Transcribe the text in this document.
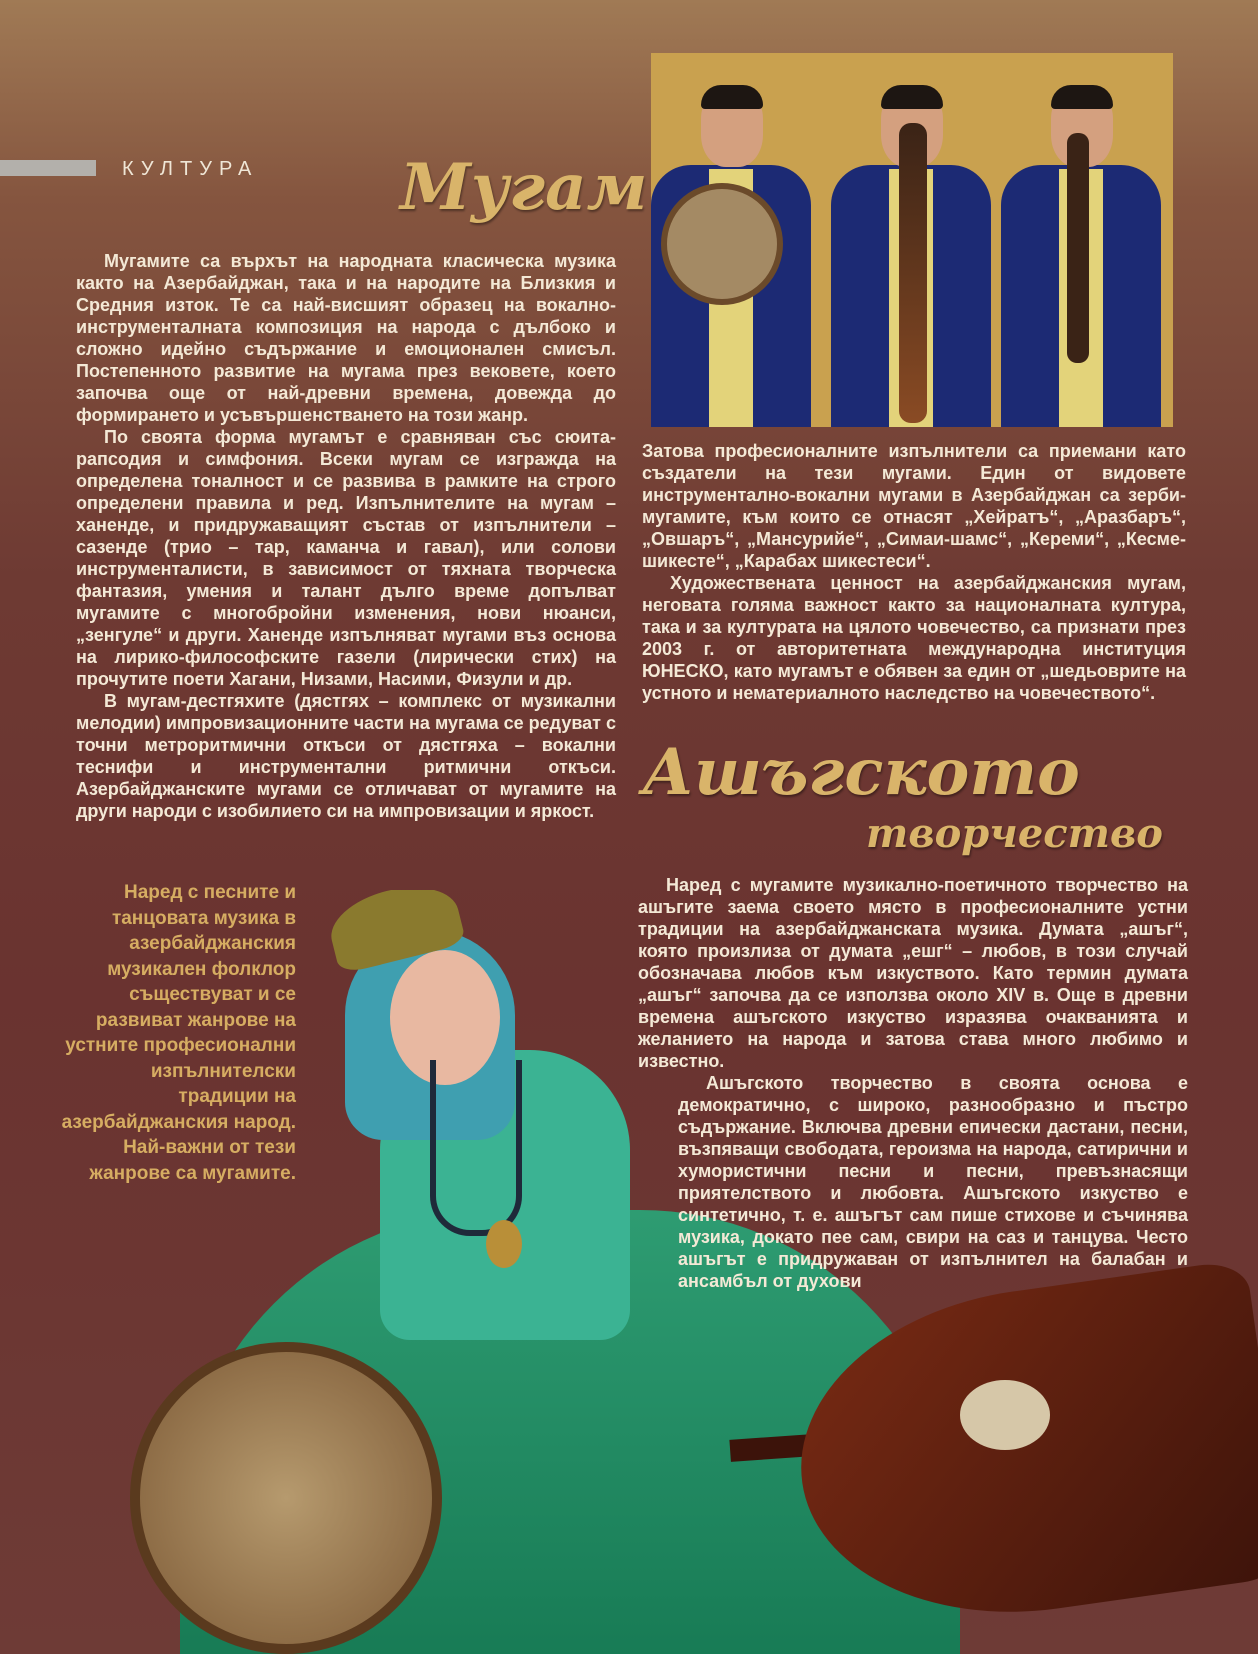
КУЛТУРА Мугам

Мугамите са върхът на народната класическа музика както на Азербайджан, така и на народите на Близкия и Средния изток. Те са най-висшият образец на вокално-инструменталната композиция на народа с дълбоко и сложно идейно съдържание и емоционален смисъл. Постепенното развитие на мугама през вековете, което започва още от най-древни времена, довежда до формирането и усъвършенстването на този жанр.

По своята форма мугамът е сравняван със сюита-рапсодия и симфония. Всеки мугам се изгражда на определена тоналност и се развива в рамките на строго определени правила и ред. Изпълнителите на мугам – ханенде, и придружаващият състав от изпълнители – сазенде (трио – тар, каманча и гавал), или солови инструменталисти, в зависимост от тяхната творческа фантазия, умения и талант дълго време допълват мугамите с многобройни изменения, нови нюанси, „зенгуле“ и други. Ханенде изпълняват мугами въз основа на лирико-философските газели (лирически стих) на прочутите поети Хагани, Низами, Насими, Физули и др.

В мугам-дестгяхите (дястгях – комплекс от музикални мелодии) импровизационните части на мугама се редуват с точни метроритмични откъси от дястгяха – вокални теснифи и инструментални ритмични откъси. Азербайджанските мугами се отличават от мугамите на други народи с изобилието си на импровизации и яркост.

Затова професионалните изпълнители са приемани като създатели на тези мугами. Един от видовете инструментално-вокални мугами в Азербайджан са зерби-мугамите, към които се отнасят „Хейратъ“, „Аразбаръ“, „Овшаръ“, „Мансурийе“, „Симаи-шамс“, „Кереми“, „Кесме-шикесте“, „Карабах шикестеси“.

Художествената ценност на азербайджанския мугам, неговата голяма важност както за националната култура, така и за културата на цялото човечество, са признати през 2003 г. от авторитетната международна институция ЮНЕСКО, като мугамът е обявен за един от „шедьоврите на устното и нематериалното наследство на човечеството“.

Ашъгското
творчество
Наред с песните и танцовата музика в азербайджанския музикален фолклор съществуват и се развиват жанрове на устните професионални изпълнителски традиции на азербайджанския народ. Най-важни от тези жанрове са мугамите.

Наред с мугамите музикално-поетичното творчество на ашъгите заема своето място в професионалните устни традиции на азербайджанската музика. Думата „ашъг“, която произлиза от думата „ешг“ – любов, в този случай обозначава любов към изкуството. Като термин думата „ашъг“ започва да се използва около XIV в. Още в древни времена ашъгското изкуство изразява очакванията и желанието на народа и затова става много любимо и известно.

Ашъгското творчество в своята основа е демократично, с широко, разнообразно и пъстро съдържание. Включва древни епически дастани, песни, възпяващи свободата, героизма на народа, сатирични и хумористични песни и песни, превъзнасящи приятелството и любовта. Ашъгското изкуство е синтетично, т. е. ашъгът сам пише стихове и съчинява музика, докато пее сам, свири на саз и танцува. Често ашъгът е придружаван от изпълнител на балабан и ансамбъл от духови
